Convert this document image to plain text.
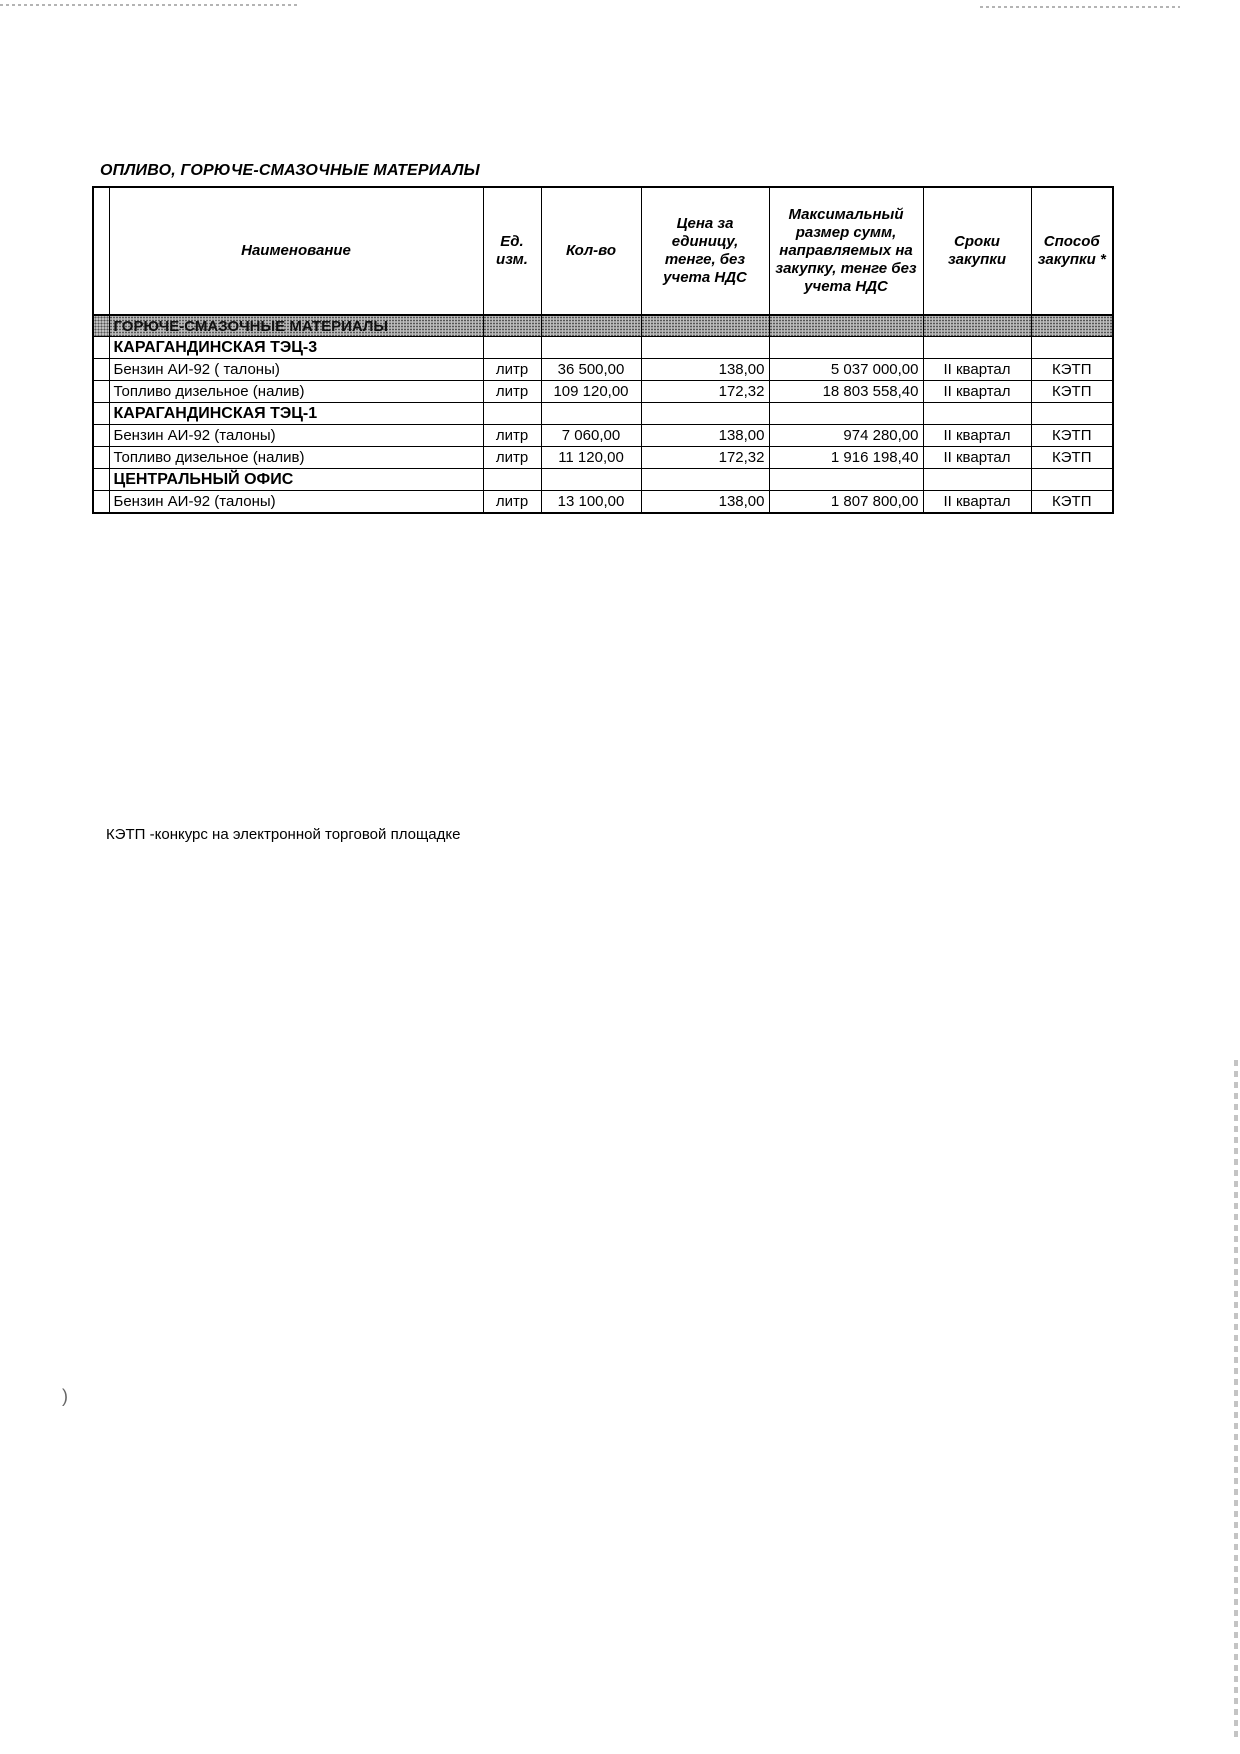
)
ОПЛИВО, ГОРЮЧЕ-СМАЗОЧНЫЕ МАТЕРИАЛЫ
	Наименование	Ед. изм.	Кол-во	Цена за единицу, тенге, без учета НДС	Максимальный размер сумм, направляемых на закупку, тенге без учета НДС	Сроки закупки	Способ закупки *
	ГОРЮЧЕ-СМАЗОЧНЫЕ МАТЕРИАЛЫ						
	КАРАГАНДИНСКАЯ ТЭЦ-3						
	Бензин АИ-92 ( талоны)	литр	36 500,00	138,00	5 037 000,00	II квартал	КЭТП
	Топливо дизельное (налив)	литр	109 120,00	172,32	18 803 558,40	II квартал	КЭТП
	КАРАГАНДИНСКАЯ ТЭЦ-1						
	Бензин АИ-92 (талоны)	литр	7 060,00	138,00	974 280,00	II квартал	КЭТП
	Топливо дизельное (налив)	литр	11 120,00	172,32	1 916 198,40	II квартал	КЭТП
	ЦЕНТРАЛЬНЫЙ ОФИС						
	Бензин АИ-92 (талоны)	литр	13 100,00	138,00	1 807 800,00	II квартал	КЭТП
КЭТП -конкурс на электронной торговой площадке
